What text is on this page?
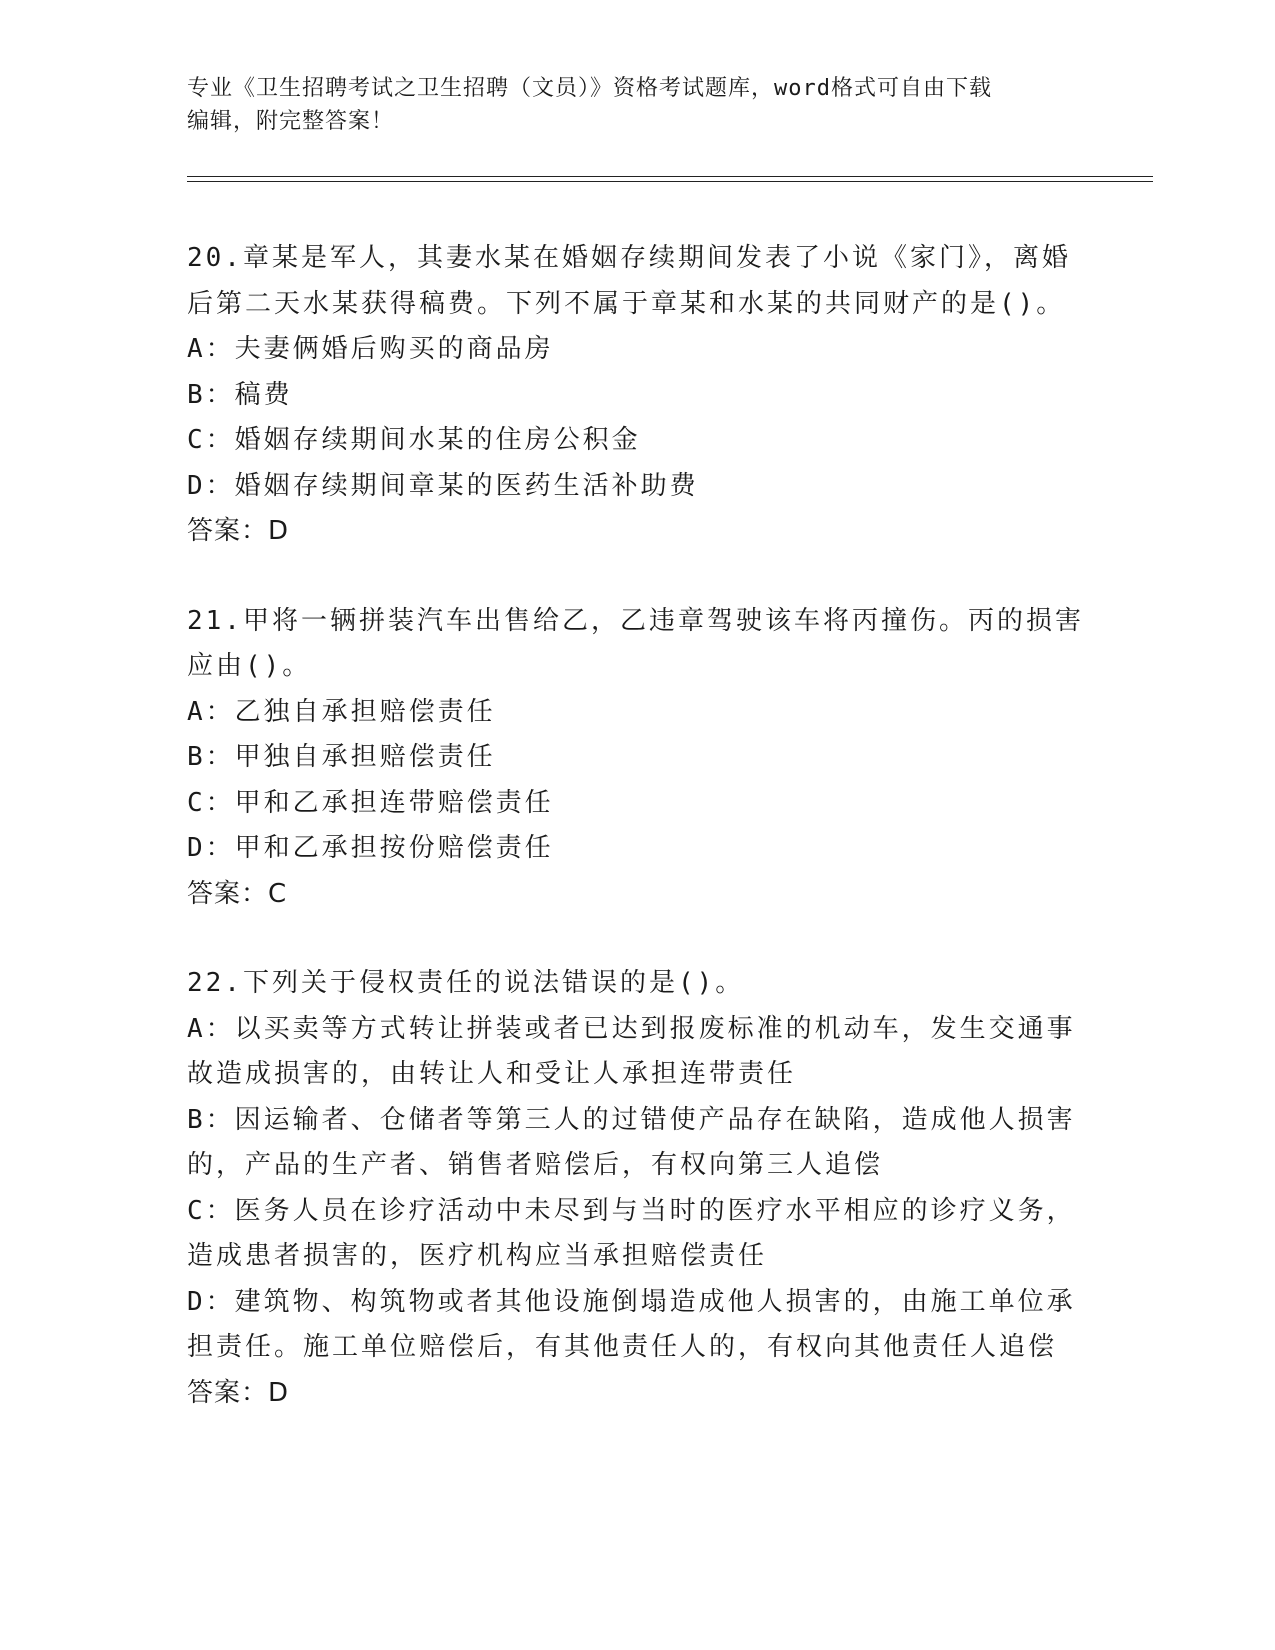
专业《卫生招聘考试之卫生招聘（文员）》资格考试题库，word格式可自由下载
编辑，附完整答案！
20.章某是军人，其妻水某在婚姻存续期间发表了小说《家门》，离婚
后第二天水某获得稿费。下列不属于章某和水某的共同财产的是()。
A：夫妻俩婚后购买的商品房
B：稿费
C：婚姻存续期间水某的住房公积金
D：婚姻存续期间章某的医药生活补助费
答案：D
21.甲将一辆拼装汽车出售给乙，乙违章驾驶该车将丙撞伤。丙的损害
应由()。
A：乙独自承担赔偿责任
B：甲独自承担赔偿责任
C：甲和乙承担连带赔偿责任
D：甲和乙承担按份赔偿责任
答案：C
22.下列关于侵权责任的说法错误的是()。
A：以买卖等方式转让拼装或者已达到报废标准的机动车，发生交通事
故造成损害的，由转让人和受让人承担连带责任
B：因运输者、仓储者等第三人的过错使产品存在缺陷，造成他人损害
的，产品的生产者、销售者赔偿后，有权向第三人追偿
C：医务人员在诊疗活动中未尽到与当时的医疗水平相应的诊疗义务，
造成患者损害的，医疗机构应当承担赔偿责任
D：建筑物、构筑物或者其他设施倒塌造成他人损害的，由施工单位承
担责任。施工单位赔偿后，有其他责任人的，有权向其他责任人追偿
答案：D
